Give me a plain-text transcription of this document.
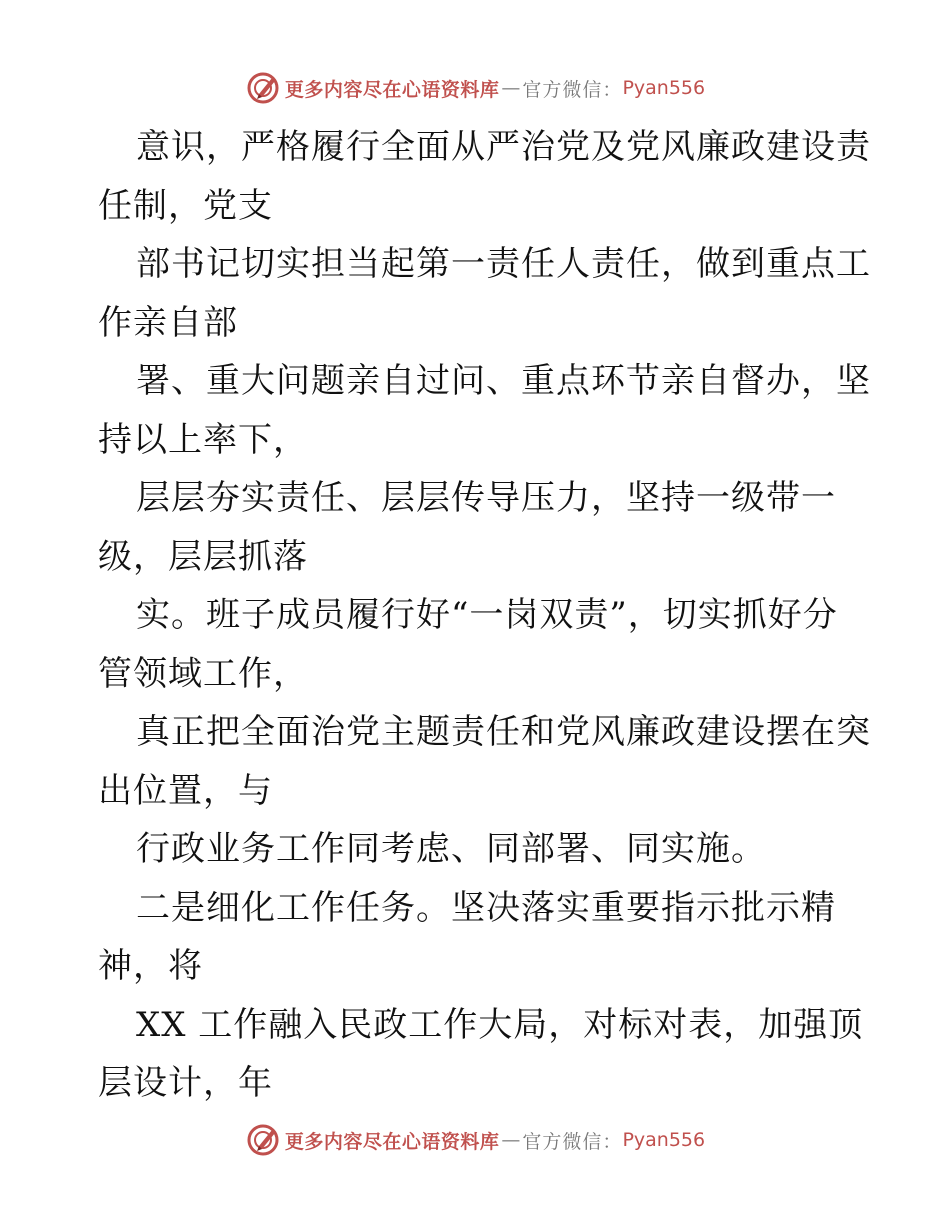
更多内容尽在心语资料库 — 官方微信： Pyan556
意识，严格履行全面从严治党及党风廉政建设责
任制，党支
部书记切实担当起第一责任人责任，做到重点工
作亲自部
署、重大问题亲自过问、重点环节亲自督办，坚
持以上率下，
层层夯实责任、层层传导压力，坚持一级带一
级，层层抓落
实。班子成员履行好“一岗双责”，切实抓好分
管领域工作，
真正把全面治党主题责任和党风廉政建设摆在突
出位置，与
行政业务工作同考虑、同部署、同实施。
二是细化工作任务。坚决落实重要指示批示精
神，将
XX 工作融入民政工作大局，对标对表，加强顶
层设计，年
更多内容尽在心语资料库 — 官方微信： Pyan556
